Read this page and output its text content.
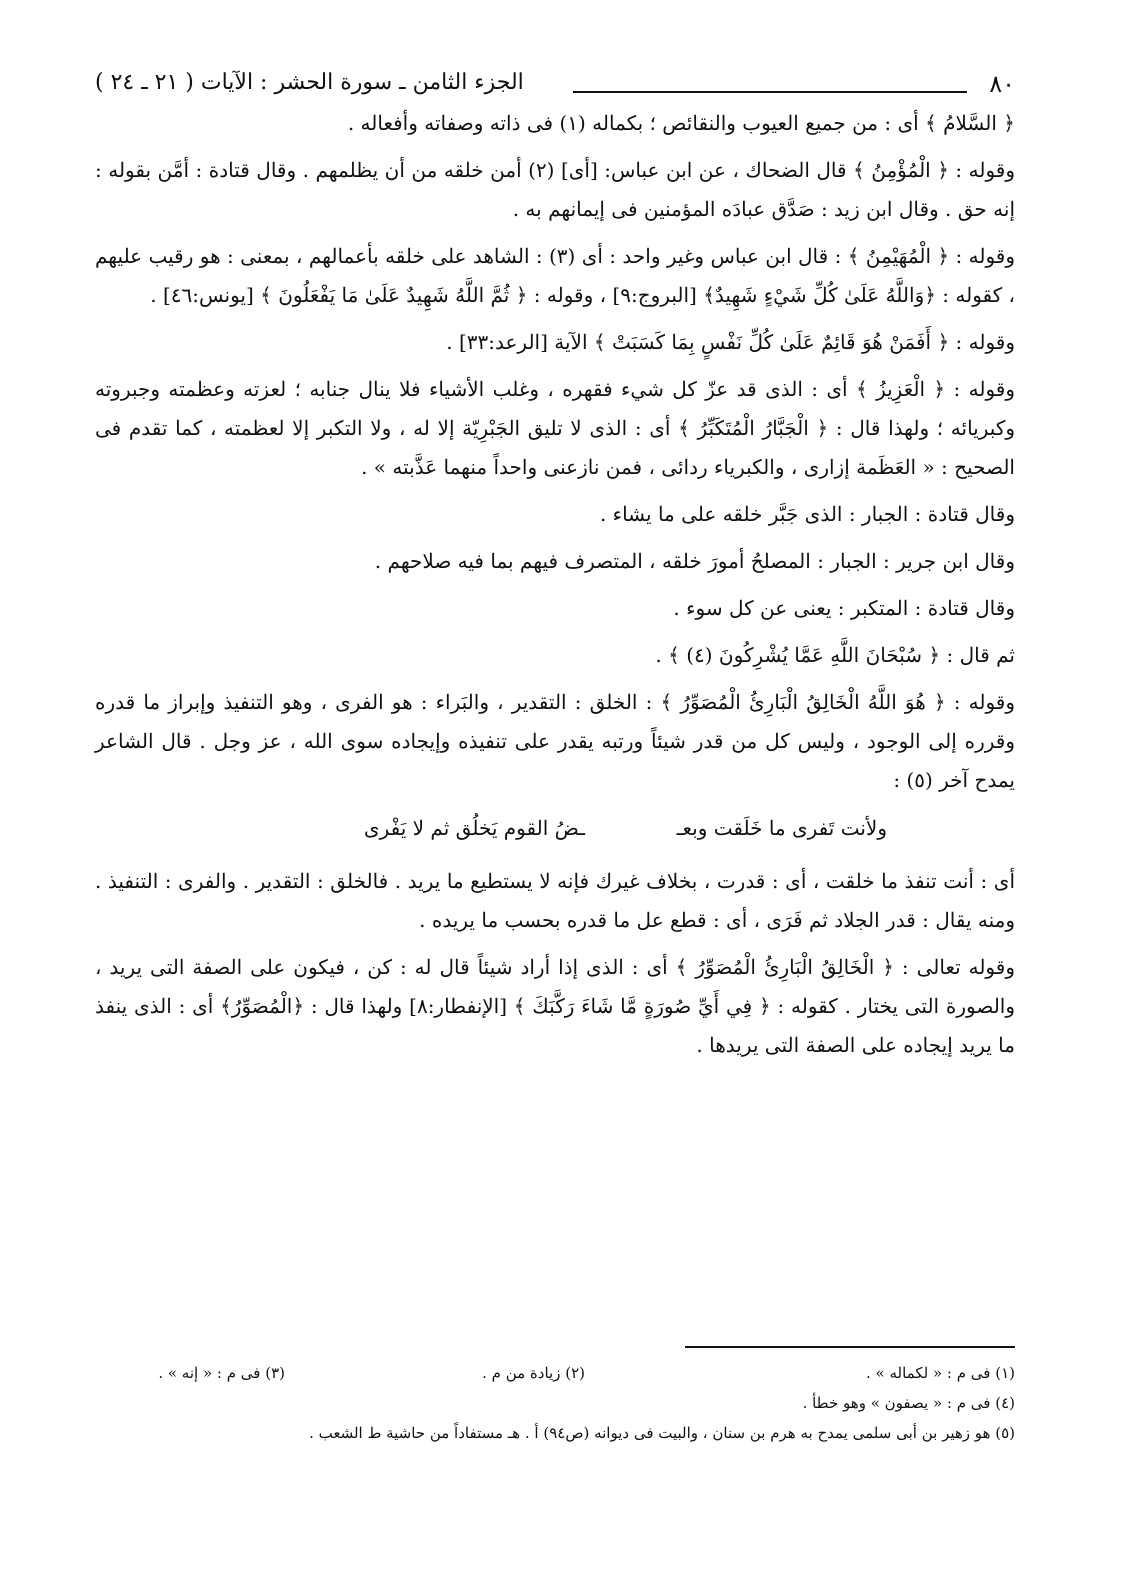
٨٠
الجزء الثامن ـ سورة الحشر : الآيات ( ٢١ ـ ٢٤ )

﴿ السَّلامُ ﴾ أى : من جميع العيوب والنقائص ؛ بكماله (١) فى ذاته وصفاته وأفعاله .

وقوله : ﴿ الْمُؤْمِنُ ﴾ قال الضحاك ، عن ابن عباس: [أى] (٢) أمن خلقه من أن يظلمهم . وقال قتادة : أمَّن بقوله : إنه حق . وقال ابن زيد : صَدَّق عبادَه المؤمنين فى إيمانهم به .

وقوله : ﴿ الْمُهَيْمِنُ ﴾ : قال ابن عباس وغير واحد : أى (٣) : الشاهد على خلقه بأعمالهم ، بمعنى : هو رقيب عليهم ، كقوله : ﴿وَاللَّهُ عَلَىٰ كُلِّ شَيْءٍ شَهِيدٌ﴾ [البروج:٩] ، وقوله : ﴿ ثُمَّ اللَّهُ شَهِيدٌ عَلَىٰ مَا يَفْعَلُونَ ﴾ [يونس:٤٦] .

وقوله : ﴿ أَفَمَنْ هُوَ قَائِمٌ عَلَىٰ كُلِّ نَفْسٍ بِمَا كَسَبَتْ ﴾ الآية [الرعد:٣٣] .

وقوله : ﴿ الْعَزِيزُ ﴾ أى : الذى قد عزّ كل شيء فقهره ، وغلب الأشياء فلا ينال جنابه ؛ لعزته وعظمته وجبروته وكبريائه ؛ ولهذا قال : ﴿ الْجَبَّارُ الْمُتَكَبِّرُ ﴾ أى : الذى لا تليق الجَبْرِيّة إلا له ، ولا التكبر إلا لعظمته ، كما تقدم فى الصحيح : « العَظَمة إزارى ، والكبرياء ردائى ، فمن نازعنى واحداً منهما عَذَّبته » .

وقال قتادة : الجبار : الذى جَبَّر خلقه على ما يشاء .

وقال ابن جرير : الجبار : المصلحُ أمورَ خلقه ، المتصرف فيهم بما فيه صلاحهم .

وقال قتادة : المتكبر : يعنى عن كل سوء .

ثم قال : ﴿ سُبْحَانَ اللَّهِ عَمَّا يُشْرِكُونَ (٤) ﴾ .

وقوله : ﴿ هُوَ اللَّهُ الْخَالِقُ الْبَارِئُ الْمُصَوِّرُ ﴾ : الخلق : التقدير ، والبَراء : هو الفرى ، وهو التنفيذ وإبراز ما قدره وقرره إلى الوجود ، وليس كل من قدر شيئاً ورتبه يقدر على تنفيذه وإيجاده سوى الله ، عز وجل . قال الشاعر يمدح آخر (٥) :

ولأنت تَفرى ما خَلَقت وبعـ
ـضُ القوم يَخلُق ثم لا يَفْرى

أى : أنت تنفذ ما خلقت ، أى : قدرت ، بخلاف غيرك فإنه لا يستطيع ما يريد . فالخلق : التقدير . والفرى : التنفيذ . ومنه يقال : قدر الجلاد ثم فَرَى ، أى : قطع عل ما قدره بحسب ما يريده .

وقوله تعالى : ﴿ الْخَالِقُ الْبَارِئُ الْمُصَوِّرُ ﴾ أى : الذى إذا أراد شيئاً قال له : كن ، فيكون على الصفة التى يريد ، والصورة التى يختار . كقوله : ﴿ فِي أَيِّ صُورَةٍ مَّا شَاءَ رَكَّبَكَ ﴾ [الإنفطار:٨] ولهذا قال : ﴿الْمُصَوِّرُ﴾ أى : الذى ينفذ ما يريد إيجاده على الصفة التى يريدها .

(١) فى م : « لكماله » .
(٢) زيادة من م .
(٣) فى م : « إنه » .
(٤) فى م : « يصفون » وهو خطأ .
(٥) هو زهير بن أبى سلمى يمدح به هرم بن سنان ، والبيت فى ديوانه (ص٩٤) أ . هـ مستفاداً من حاشية ط الشعب .
